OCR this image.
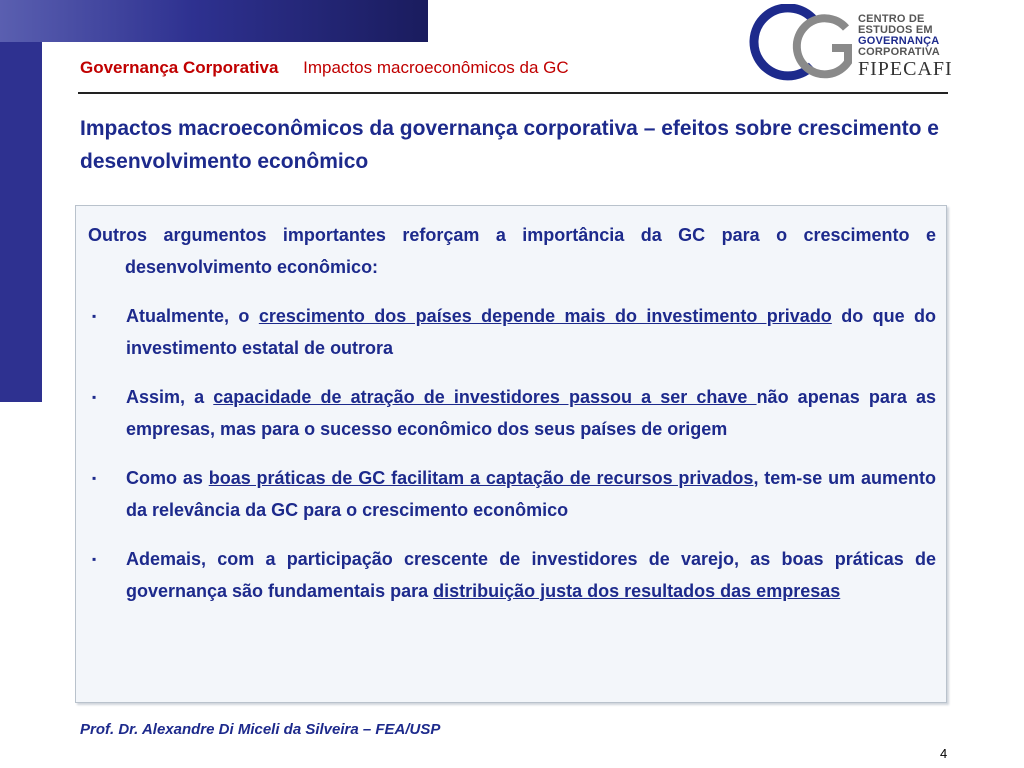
Governança Corporativa Impactos macroeconômicos da GC
CENTRO DE
ESTUDOS EM
GOVERNANÇA
CORPORATIVA
FIPECAFI
Impactos macroeconômicos da governança corporativa – efeitos sobre crescimento e desenvolvimento econômico

Outros argumentos importantes reforçam a importância da GC para o crescimento e desenvolvimento econômico:

▪ Atualmente, o crescimento dos países depende mais do investimento privado do que do investimento estatal de outrora
▪ Assim, a capacidade de atração de investidores passou a ser chave não apenas para as empresas, mas para o sucesso econômico dos seus países de origem
▪ Como as boas práticas de GC facilitam a captação de recursos privados, tem-se um aumento da relevância da GC para o crescimento econômico
▪ Ademais, com a participação crescente de investidores de varejo, as boas práticas de governança são fundamentais para distribuição justa dos resultados das empresas
Prof. Dr. Alexandre Di Miceli da Silveira – FEA/USP
4
